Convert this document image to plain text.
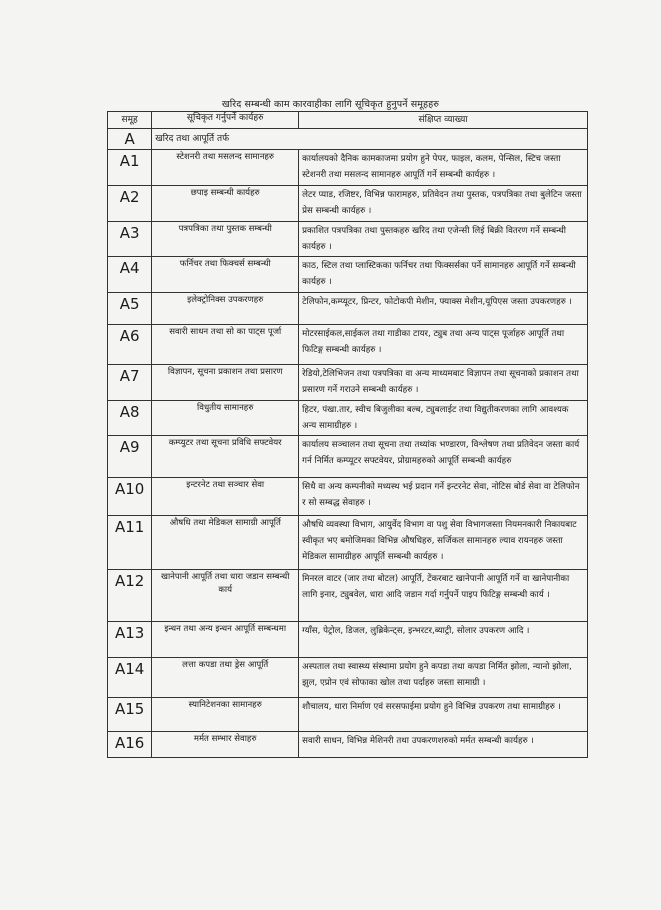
खरिद सम्बन्धी काम कारवाहीका लागि सूचिकृत हुनुपर्ने समूहहरु
समूह	सूचिकृत गर्नुपर्ने कार्यहरु	संक्षिप्त व्याख्या
A	खरिद तथा आपूर्ति तर्फ	
A1	स्टेशनरी तथा मसलन्द सामानहरु	कार्यालयको दैनिक कामकाजमा प्रयोग हुने पेपर, फाइल, कलम, पेन्सिल, स्टिच जस्ता स्टेशनरी तथा मसलन्द सामानहरु आपूर्ति गर्ने सम्बन्धी कार्यहरु ।
A2	छपाइ सम्बन्धी कार्यहरु	लेटर प्याड, रजिष्टर, विभिन्न फारामहरु, प्रतिवेदन तथा पुस्तक, पत्रपत्रिका तथा बुलेटिन जस्ता प्रेस सम्बन्धी कार्यहरु ।
A3	पत्रपत्रिका तथा पुस्तक सम्बन्धी	प्रकाशित पत्रपत्रिका तथा पुस्तकहरु खरिद तथा एजेन्सी लिई बिक्री वितरण गर्ने सम्बन्धी कार्यहरु ।
A4	फर्निचर तथा फिक्चर्स सम्बन्धी	काठ, स्टिल तथा प्लास्टिकका फर्निचर तथा फिक्सर्सका पर्ने सामानहरु आपूर्ति गर्ने सम्बन्धी कार्यहरु ।
A5	इलेक्ट्रोनिक्स उपकरणहरु	टेलिफोन,कम्प्यूटर, प्रिन्टर, फोटोकपी मेशीन, फ्याक्स मेशीन,यूपिएस जस्ता उपकरणहरु ।
A6	सवारी साधन तथा सो का पाट्स पूर्जा	मोटरसाईकल,साईकल तथा गाडीका टायर, ट्युब तथा अन्य पाट्स पूर्जाहरु आपूर्ति तथा फिटिङ्ग सम्बन्धी कार्यहरु ।
A7	विज्ञापन, सूचना प्रकाशन तथा प्रसारण	रेडियो,टेलिभिजन तथा पत्रपत्रिका वा अन्य माध्यमबाट विज्ञापन तथा सूचनाको प्रकाशन तथा प्रसारण गर्ने गराउने सम्बन्धी कार्यहरु ।
A8	विधुतीय सामानहरु	हिटर, पंखा.तार, स्वीच बिजुलीका बल्ब, ट्युबलाईट तथा विद्युतीकरणका लागि आवश्यक अन्य सामाग्रीहरु ।
A9	कम्प्युटर तथा सूचना प्रविधि सफ्टवेयर	कार्यालय सञ्चालन तथा सूचना तथा तथ्यांक भण्डारण, विश्लेषण तथा प्रतिवेदन जस्ता कार्य गर्न निर्मित कम्प्यूटर सफ्टवेयर, प्रोग्रामहरुको आपूर्ति सम्बन्धी कार्यहरु
A10	इन्टरनेट तथा सञ्चार सेवा	सिधै वा अन्य कम्पनीको मध्यस्थ भई प्रदान गर्ने इन्टरनेट सेवा, नोटिस बोर्ड सेवा वा टेलिफोन र सो सम्बद्ध सेवाहरु ।
A11	औषधि तथा मेडिकल सामाग्री आपूर्ति	औषधि व्यवस्था विभाग, आयुर्वेद विभाग वा पशु सेवा विभागजस्ता नियमनकारी निकायबाट स्वीकृत भए बमोजिमका विभिन्न औषधिहरु, सर्जिकल सामानहरु ल्याव रायनहरु जस्ता मेडिकल सामाग्रीहरु आपूर्ति सम्बन्धी कार्यहरु ।
A12	खानेपानी आपूर्ति तथा धारा जडान सम्बन्धी कार्य	मिनरल वाटर (जार तथा बोटल) आपूर्ति, टेंकरबाट खानेपानी आपूर्ति गर्ने वा खानेपानीका लागि इनार, ट्युबवेल, धारा आदि जडान गर्दा गर्नुपर्ने पाइप फिटिङ्ग सम्बन्धी कार्य ।
A13	इन्धन तथा अन्य इन्धन आपूर्ति सम्बन्धमा	ग्याँस, पेट्रोल, डिजल, लुब्रिकेन्ट्स, इन्भरटर,ब्याट्री, सोलार उपकरण आदि ।
A14	लत्ता कपडा तथा ड्रेस आपूर्ति	अस्पताल तथा स्वास्थ्य संस्थामा प्रयोग हुने कपडा तथा कपडा निर्मित झोला, न्यानो झोला, झुल, एप्रोन एवं सोफाका खोल तथा पर्दाहरु जस्ता सामाग्री ।
A15	स्यानिटेशनका सामानहरु	शौचालय, धारा निर्माण एवं सरसफाईमा प्रयोग हुने विभिन्न उपकरण तथा सामाग्रीहरु ।
A16	मर्मत सम्भार सेवाहरु	सवारी साधन, विभिन्न मेशिनरी तथा उपकरणशरुको मर्मत सम्बन्धी कार्यहरु ।
